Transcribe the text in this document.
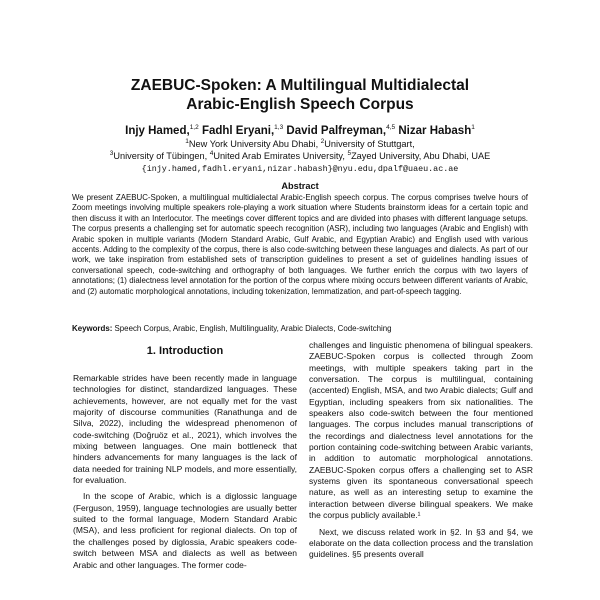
ZAEBUC-Spoken: A Multilingual Multidialectal
Arabic-English Speech Corpus
Injy Hamed,$^{1,2}$ Fadhl Eryani,$^{1,3}$ David Palfreyman,$^{4,5}$ Nizar Habash$^1$
$^1$New York University Abu Dhabi, $^2$University of Stuttgart,
$^3$University of Tübingen, $^4$United Arab Emirates University, $^5$Zayed University, Abu Dhabi, UAE
{injy.hamed,fadhl.eryani,nizar.habash}@nyu.edu,dpalf@uaeu.ac.ae
Abstract
We present ZAEBUC-Spoken, a multilingual multidialectal Arabic-English speech corpus. The corpus comprises twelve hours of Zoom meetings involving multiple speakers role-playing a work situation where Students brainstorm ideas for a certain topic and then discuss it with an Interlocutor. The meetings cover different topics and are divided into phases with different language setups. The corpus presents a challenging set for automatic speech recognition (ASR), including two languages (Arabic and English) with Arabic spoken in multiple variants (Modern Standard Arabic, Gulf Arabic, and Egyptian Arabic) and English used with various accents. Adding to the complexity of the corpus, there is also code-switching between these languages and dialects. As part of our work, we take inspiration from established sets of transcription guidelines to present a set of guidelines handling issues of conversational speech, code-switching and orthography of both languages. We further enrich the corpus with two layers of annotations; (1) dialectness level annotation for the portion of the corpus where mixing occurs between different variants of Arabic, and (2) automatic morphological annotations, including tokenization, lemmatization, and part-of-speech tagging.
Keywords: Speech Corpus, Arabic, English, Multilinguality, Arabic Dialects, Code-switching
1. Introduction
Remarkable strides have been recently made in language technologies for distinct, standardized languages. These achievements, however, are not equally met for the vast majority of discourse communities (Ranathunga and de Silva, 2022), including the widespread phenomenon of code-switching (Doğruöz et al., 2021), which involves the mixing between languages. One main bottleneck that hinders advancements for many languages is the lack of data needed for training NLP models, and more essentially, for evaluation.
In the scope of Arabic, which is a diglossic language (Ferguson, 1959), language technologies are usually better suited to the formal language, Modern Standard Arabic (MSA), and less proficient for regional dialects. On top of the challenges posed by diglossia, Arabic speakers code-switch between MSA and dialects as well as between Arabic and other languages. The former code-
challenges and linguistic phenomena of bilingual speakers. ZAEBUC-Spoken corpus is collected through Zoom meetings, with multiple speakers taking part in the conversation. The corpus is multilingual, containing (accented) English, MSA, and two Arabic dialects; Gulf and Egyptian, including speakers from six nationalities. The speakers also code-switch between the four mentioned languages. The corpus includes manual transcriptions of the recordings and dialectness level annotations for the portion containing code-switching between Arabic variants, in addition to automatic morphological annotations. ZAEBUC-Spoken corpus offers a challenging set to ASR systems given its spontaneous conversational speech nature, as well as an interesting setup to examine the interaction between diverse bilingual speakers. We make the corpus publicly available.¹
Next, we discuss related work in §2. In §3 and §4, we elaborate on the data collection process and the translation guidelines. §5 presents overall
